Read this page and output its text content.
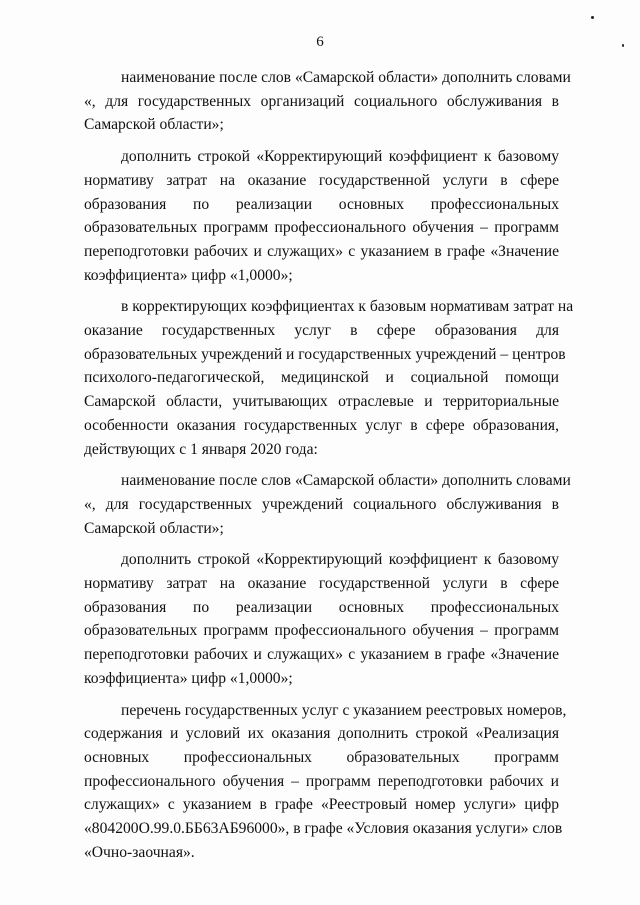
6

наименование после слов «Самарской области» дополнить словами
«, для государственных организаций социального обслуживания в
Самарской области»;

дополнить строкой «Корректирующий коэффициент к базовому
нормативу затрат на оказание государственной услуги в сфере
образования по реализации основных профессиональных
образовательных программ профессионального обучения – программ
переподготовки рабочих и служащих» с указанием в графе «Значение
коэффициента» цифр «1,0000»;

в корректирующих коэффициентах к базовым нормативам затрат на
оказание государственных услуг в сфере образования для
образовательных учреждений и государственных учреждений – центров
психолого-педагогической, медицинской и социальной помощи
Самарской области, учитывающих отраслевые и территориальные
особенности оказания государственных услуг в сфере образования,
действующих с 1 января 2020 года:

наименование после слов «Самарской области» дополнить словами
«, для государственных учреждений социального обслуживания в
Самарской области»;

дополнить строкой «Корректирующий коэффициент к базовому
нормативу затрат на оказание государственной услуги в сфере
образования по реализации основных профессиональных
образовательных программ профессионального обучения – программ
переподготовки рабочих и служащих» с указанием в графе «Значение
коэффициента» цифр «1,0000»;

перечень государственных услуг с указанием реестровых номеров,
содержания и условий их оказания дополнить строкой «Реализация
основных профессиональных образовательных программ
профессионального обучения – программ переподготовки рабочих и
служащих» с указанием в графе «Реестровый номер услуги» цифр
«804200О.99.0.ББ63АБ96000», в графе «Условия оказания услуги» слов
«Очно-заочная».
